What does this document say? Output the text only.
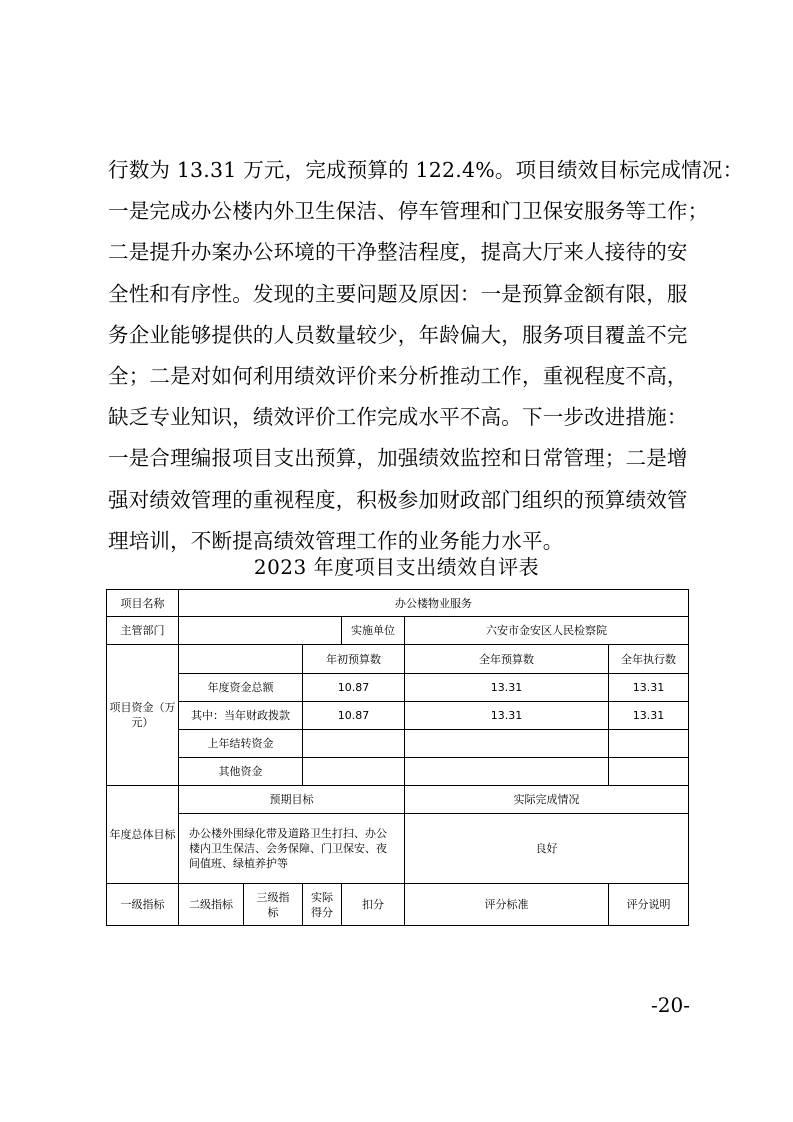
行数为 13.31 万元，完成预算的 122.4%。项目绩效目标完成情况：
一是完成办公楼内外卫生保洁、停车管理和门卫保安服务等工作；
二是提升办案办公环境的干净整洁程度，提高大厅来人接待的安
全性和有序性。发现的主要问题及原因：一是预算金额有限，服
务企业能够提供的人员数量较少，年龄偏大，服务项目覆盖不完
全；二是对如何利用绩效评价来分析推动工作，重视程度不高，
缺乏专业知识，绩效评价工作完成水平不高。下一步改进措施：
一是合理编报项目支出预算，加强绩效监控和日常管理；二是增
强对绩效管理的重视程度，积极参加财政部门组织的预算绩效管
理培训，不断提高绩效管理工作的业务能力水平。
2023 年度项目支出绩效自评表
项目名称	办公楼物业服务					
主管部门				实施单位	六安市金安区人民检察院	
项目资金（万元）			年初预算数		全年预算数	全年执行数
	年度资金总额		10.87		13.31	13.31
	其中：当年财政拨款		10.87		13.31	13.31
	上年结转资金					
	其他资金					
年度总体目标	预期目标				实际完成情况	
	办公楼外围绿化带及道路卫生打扫、办公楼内卫生保洁、会务保障、门卫保安、夜间值班、绿植养护等				良好	
一级指标	二级指标	三级指标	实际得分	扣分	评分标准	评分说明
-20-
